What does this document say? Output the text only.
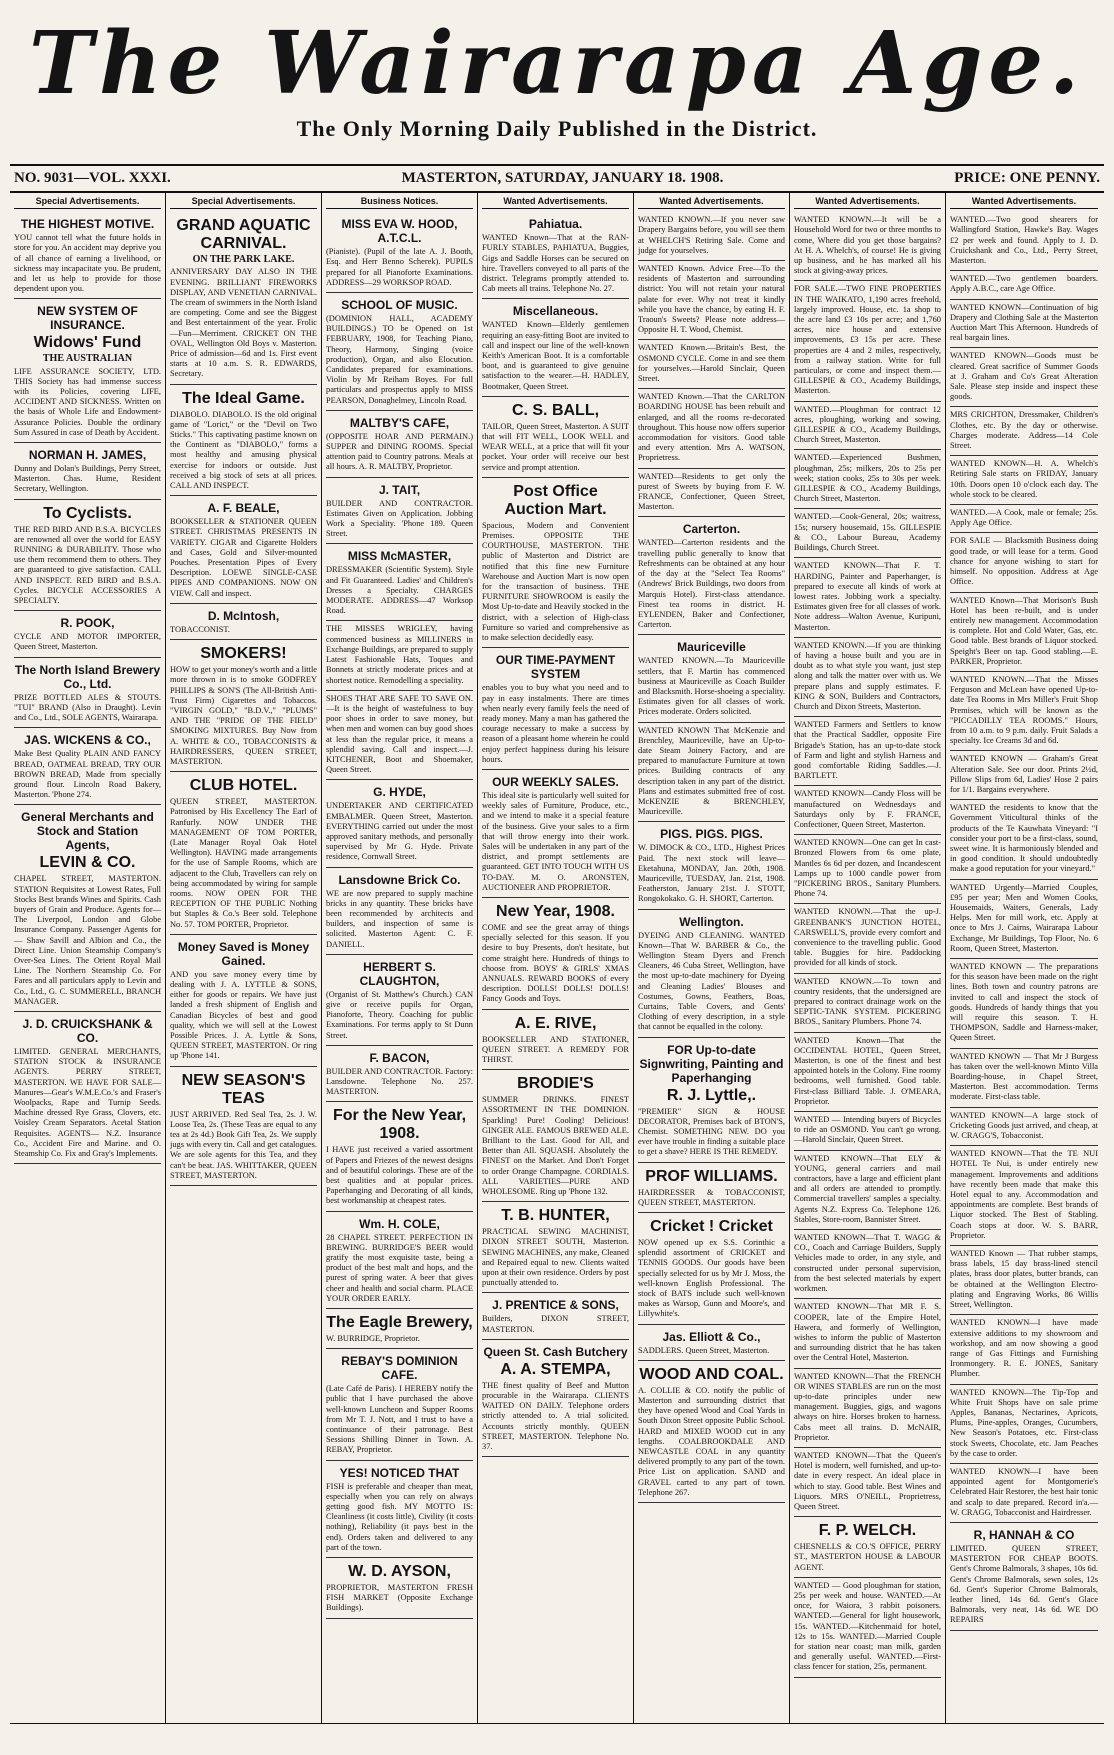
The Wairarapa Age.
The Only Morning Daily Published in the District.
NO. 9031—VOL. XXXI.	MASTERTON, SATURDAY, JANUARY 18. 1908.	PRICE: ONE PENNY.
Special Advertisements.
THE HIGHEST MOTIVE.

YOU cannot tell what the future holds in store for you. An accident may deprive you of all chance of earning a livelihood, or sickness may incapacitate you. Be prudent, and let us help to provide for those dependent upon you.

NEW SYSTEM OF INSURANCE.
Widows' Fund
THE AUSTRALIAN

LIFE ASSURANCE SOCIETY, LTD. THIS Society has had immense success with its Policies, covering LIFE, ACCIDENT AND SICKNESS. Written on the basis of Whole Life and Endowment-Assurance Policies. Double the ordinary Sum Assured in case of Death by Accident.

NORMAN H. JAMES,

Dunny and Dolan's Buildings, Perry Street, Masterton. Chas. Hume, Resident Secretary, Wellington.

To Cyclists.

THE RED BIRD AND B.S.A. BICYCLES are renowned all over the world for EASY RUNNING & DURABILITY. Those who use them recommend them to others. They are guaranteed to give satisfaction. CALL AND INSPECT. RED BIRD and B.S.A. Cycles. BICYCLE ACCESSORIES A SPECIALTY.

R. POOK,

CYCLE AND MOTOR IMPORTER, Queen Street, Masterton.

The North Island Brewery Co., Ltd.

PRIZE BOTTLED ALES & STOUTS. "TUI" BRAND (Also in Draught). Levin and Co., Ltd., SOLE AGENTS, Wairarapa.

JAS. WICKENS & CO.,

Make Best Quality PLAIN AND FANCY BREAD, OATMEAL BREAD, TRY OUR BROWN BREAD, Made from specially ground flour. Lincoln Road Bakery, Masterton. 'Phone 274.

General Merchants and Stock and Station Agents,
LEVIN & CO.

CHAPEL STREET, MASTERTON. STATION Requisites at Lowest Rates, Full Stocks Best brands Wines and Spirits. Cash buyers of Grain and Produce. Agents for— The Liverpool, London and Globe Insurance Company. Passenger Agents for— Shaw Savill and Albion and Co., the Direct Line. Union Steamship Company's Over-Sea Lines. The Orient Royal Mail Line. The Northern Steamship Co. For Fares and all particulars apply to Levin and Co., Ltd., G. C. SUMMERELL, BRANCH MANAGER.

J. D. CRUICKSHANK & CO.

LIMITED. GENERAL MERCHANTS, STATION STOCK & INSURANCE AGENTS. PERRY STREET, MASTERTON. WE HAVE FOR SALE— Manures—Gear's W.M.E.Co.'s and Fraser's Woolpacks, Rape and Turnip Seeds. Machine dressed Rye Grass, Clovers, etc. Voisley Cream Separators. Acetal Station Requisites. AGENTS— N.Z. Insurance Co., Accident Fire and Marine. and O. Steamship Co. Fix and Gray's Implements.

Special Advertisements.
GRAND AQUATIC CARNIVAL.
ON THE PARK LAKE.

ANNIVERSARY DAY ALSO IN THE EVENING. BRILLIANT FIREWORKS DISPLAY, AND VENETIAN CARNIVAL. The cream of swimmers in the North Island are competing. Come and see the Biggest and Best entertainment of the year. Frolic—Fun—Merriment. CRICKET ON THE OVAL, Wellington Old Boys v. Masterton. Price of admission—6d and 1s. First event starts at 10 a.m. S. R. EDWARDS, Secretary.

The Ideal Game.

DIABOLO. DIABOLO. IS the old original game of "Lorict," or the "Devil on Two Sticks." This captivating pastime known on the Continent as "DIABOLO," forms a most healthy and amusing physical exercise for indoors or outside. Just received a big stock of sets at all prices. CALL AND INSPECT.

A. F. BEALE,

BOOKSELLER & STATIONER QUEEN STREET. CHRISTMAS PRESENTS IN VARIETY. CIGAR and Cigarette Holders and Cases, Gold and Silver-mounted Pouches. Presentation Pipes of Every Description. LOEWE SINGLE-CASE PIPES AND COMPANIONS. NOW ON VIEW. Call and inspect.

D. McIntosh,

TOBACCONIST.

SMOKERS!

HOW to get your money's worth and a little more thrown in is to smoke GODFREY PHILLIPS & SON'S (The All-British Anti-Trust Firm) Cigarettes and Tobaccos. "VIRGIN GOLD," "B.D.V.," "PLUMS" AND THE "PRIDE OF THE FIELD" SMOKING MIXTURES. Buy Now from A. WHITE & CO., TOBACCONISTS & HAIRDRESSERS, QUEEN STREET, MASTERTON.

CLUB HOTEL.

QUEEN STREET, MASTERTON. Patronised by His Excellency The Earl of Ranfurly. NOW UNDER THE MANAGEMENT OF TOM PORTER, (Late Manager Royal Oak Hotel Wellington). HAVING made arrangements for the use of Sample Rooms, which are adjacent to the Club, Travellers can rely on being accommodated by wiring for sample rooms. NOW OPEN FOR THE RECEPTION OF THE PUBLIC Nothing but Staples & Co.'s Beer sold. Telephone No. 57. TOM PORTER, Proprietor.

Money Saved is Money Gained.

AND you save money every time by dealing with J. A. LYTTLE & SONS, either for goods or repairs. We have just landed a fresh shipment of English and Canadian Bicycles of best and good quality, which we will sell at the Lowest Possible Prices. J. A. Lyttle & Sons, QUEEN STREET, MASTERTON. Or ring up 'Phone 141.

NEW SEASON'S TEAS

JUST ARRIVED. Red Seal Tea, 2s. J. W. Loose Tea, 2s. (These Teas are equal to any tea at 2s 4d.) Book Gift Tea, 2s. We supply jugs with every tin. Call and get catalogues. We are sole agents for this Tea, and they can't be beat. JAS. WHITTAKER, QUEEN STREET, MASTERTON.

Business Notices.
MISS EVA W. HOOD, A.T.C.L.

(Pianiste). (Pupil of the late A. J. Booth, Esq. and Herr Benno Scherek). PUPILS prepared for all Pianoforte Examinations. ADDRESS—29 WORKSOP ROAD.

SCHOOL OF MUSIC.

(DOMINION HALL, ACADEMY BUILDINGS.) TO be Opened on 1st FEBRUARY, 1908, for Teaching Piano, Theory, Harmony, Singing (voice production), Organ, and also Elocution. Candidates prepared for examinations. Violin by Mr Reiham Boyes. For full particulars and prospectus apply to MISS PEARSON, Donaghelmey, Lincoln Road.

MALTBY'S CAFE,

(OPPOSITE HOAR AND PERMAIN.) SUPPER and DINING ROOMS. Special attention paid to Country patrons. Meals at all hours. A. R. MALTBY, Proprietor.

J. TAIT,

BUILDER AND CONTRACTOR. Estimates Given on Application. Jobbing Work a Speciality. 'Phone 189. Queen Street.

MISS McMASTER,

DRESSMAKER (Scientific System). Style and Fit Guaranteed. Ladies' and Children's Dresses a Specialty. CHARGES MODERATE. ADDRESS—47 Worksop Road.

THE MISSES WRIGLEY, having commenced business as MILLINERS in Exchange Buildings, are prepared to supply Latest Fashionable Hats, Toques and Bonnets at strictly moderate prices and at shortest notice. Remodelling a speciality.

SHOES THAT ARE SAFE TO SAVE ON.—It is the height of wastefulness to buy poor shoes in order to save money, but when men and women can buy good shoes at less than the regular price, it means a splendid saving. Call and inspect.—J. KITCHENER, Boot and Shoemaker, Queen Street.

G. HYDE,

UNDERTAKER AND CERTIFICATED EMBALMER. Queen Street, Masterton. EVERYTHING carried out under the most approved sanitary methods, and personally supervised by Mr G. Hyde. Private residence, Cornwall Street.

Lansdowne Brick Co.

WE are now prepared to supply machine bricks in any quantity. These bricks have been recommended by architects and builders, and inspection of same is solicited. Masterton Agent: C. F. DANIELL.

HERBERT S. CLAUGHTON,

(Organist of St. Matthew's Church.) CAN give or receive pupils for Organ, Pianoforte, Theory. Coaching for public Examinations. For terms apply to St Dunn Street.

F. BACON,

BUILDER AND CONTRACTOR. Factory: Lansdowne. Telephone No. 257. MASTERTON.

For the New Year, 1908.

I HAVE just received a varied assortment of Papers and Friezes of the newest designs and of beautiful colorings. These are of the best qualities and at popular prices. Paperhanging and Decorating of all kinds, best workmanship at cheapest rates.

Wm. H. COLE,

28 CHAPEL STREET. PERFECTION IN BREWING. BURRIDGE'S BEER would gratify the most exquisite taste, being a product of the best malt and hops, and the purest of spring water. A beer that gives cheer and health and social charm. PLACE YOUR ORDER EARLY.

The Eagle Brewery,

W. BURRIDGE, Proprietor.

REBAY'S DOMINION CAFE.

(Late Café de Paris). I HEREBY notify the public that I have purchased the above well-known Luncheon and Supper Rooms from Mr T. J. Nott, and I trust to have a continuance of their patronage. Best Sessions Shilling Dinner in Town. A. REBAY, Proprietor.

YES! NOTICED THAT

FISH is preferable and cheaper than meat, especially when you can rely on always getting good fish. MY MOTTO IS: Cleanliness (it costs little), Civility (it costs nothing), Reliability (it pays best in the end). Orders taken and delivered to any part of the town.

W. D. AYSON,

PROPRIETOR, MASTERTON FRESH FISH MARKET (Opposite Exchange Buildings).

Wanted Advertisements.
Pahiatua.

WANTED Known—That at the RAN-FURLY STABLES, PAHIATUA, Buggies, Gigs and Saddle Horses can be secured on hire. Travellers conveyed to all parts of the district. Telegrams promptly attended to. Cab meets all trains. Telephone No. 27.

Miscellaneous.

WANTED Known—Elderly gentlemen requiring an easy-fitting Boot are invited to call and inspect our line of the well-known Keith's American Boot. It is a comfortable boot, and is guaranteed to give genuine satisfaction to the wearer.—H. HADLEY, Bootmaker, Queen Street.

C. S. BALL,

TAILOR, Queen Street, Masterton. A SUIT that will FIT WELL, LOOK WELL and WEAR WELL, at a price that will fit your pocket. Your order will receive our best service and prompt attention.

Post Office Auction Mart.

Spacious, Modern and Convenient Premises. OPPOSITE THE COURTHOUSE, MASTERTON. THE public of Masterton and District are notified that this fine new Furniture Warehouse and Auction Mart is now open for the transaction of business. THE FURNITURE SHOWROOM is easily the Most Up-to-date and Heavily stocked in the district, with a selection of High-class Furniture so varied and comprehensive as to make selection decidedly easy.

OUR TIME-PAYMENT SYSTEM

enables you to buy what you need and to pay in easy instalments. There are times when nearly every family feels the need of ready money. Many a man has gathered the courage necessary to make a success by reason of a pleasant home wherein he could enjoy perfect happiness during his leisure hours.

OUR WEEKLY SALES.

This ideal site is particularly well suited for weekly sales of Furniture, Produce, etc., and we intend to make it a special feature of the business. Give your sales to a firm that will throw energy into their work. Sales will be undertaken in any part of the district, and prompt settlements are guaranteed. GET INTO TOUCH WITH US TO-DAY. M. O. ARONSTEN, AUCTIONEER AND PROPRIETOR.

New Year, 1908.

COME and see the great array of things specially selected for this season. If you desire to buy Presents, don't hesitate, but come straight here. Hundreds of things to choose from. BOYS' & GIRLS' XMAS ANNUALS. REWARD BOOKS of every description. DOLLS! DOLLS! DOLLS! Fancy Goods and Toys.

A. E. RIVE,

BOOKSELLER AND STATIONER, QUEEN STREET. A REMEDY FOR THIRST.

BRODIE'S

SUMMER DRINKS. FINEST ASSORTMENT IN THE DOMINION. Sparkling! Pure! Cooling! Delicious! GINGER ALE. FAMOUS BREWED ALE. Brilliant to the Last. Good for All, and Better than All. SQUASH. Absolutely the FINEST on the Market. And Don't Forget to order Orange Champagne. CORDIALS. ALL VARIETIES—PURE AND WHOLESOME. Ring up 'Phone 132.

T. B. HUNTER,

PRACTICAL SEWING MACHINIST, DIXON STREET SOUTH, Masterton. SEWING MACHINES, any make, Cleaned and Repaired equal to new. Clients waited upon at their own residence. Orders by post punctually attended to.

J. PRENTICE & SONS,

Builders, DIXON STREET, MASTERTON.

Queen St. Cash Butchery
A. A. STEMPA,

THE finest quality of Beef and Mutton procurable in the Wairarapa. CLIENTS WAITED ON DAILY. Telephone orders strictly attended to. A trial solicited. Accounts strictly monthly. QUEEN STREET, MASTERTON. Telephone No. 37.

Wanted Advertisements.

WANTED KNOWN.—If you never saw Drapery Bargains before, you will see them at WHELCH'S Retiring Sale. Come and judge for yourselves.

WANTED Known. Advice Free—To the residents of Masterton and surrounding district: You will not retain your natural palate for ever. Why not treat it kindly while you have the chance, by eating H. F. Traoun's Sweets? Please note address—Opposite H. T. Wood, Chemist.

WANTED Known.—Britain's Best, the OSMOND CYCLE. Come in and see them for yourselves.—Harold Sinclair, Queen Street.

WANTED Known.—That the CARLTON BOARDING HOUSE has been rebuilt and enlarged, and all the rooms re-decorated throughout. This house now offers superior accommodation for visitors. Good table and every attention. Mrs A. WATSON, Proprietress.

WANTED—Residents to get only the purest of Sweets by buying from F. W. FRANCE, Confectioner, Queen Street, Masterton.

Carterton.

WANTED—Carterton residents and the travelling public generally to know that Refreshments can be obtained at any hour of the day at the "Select Tea Rooms" (Andrews' Brick Buildings, two doors from Marquis Hotel). First-class attendance. Finest tea rooms in district. H. EYLENDEN, Baker and Confectioner, Carterton.

Mauriceville

WANTED KNOWN.—To Mauriceville settlers, that F. Martin has commenced business at Mauriceville as Coach Builder and Blacksmith. Horse-shoeing a speciality. Estimates given for all classes of work. Prices moderate. Orders solicited.

WANTED KNOWN That McKenzie and Brenchley, Mauriceville, have an Up-to-date Steam Joinery Factory, and are prepared to manufacture Furniture at town prices. Building contracts of any description taken in any part of the district. Plans and estimates submitted free of cost. McKENZIE & BRENCHLEY, Mauriceville.

PIGS. PIGS. PIGS.

W. DIMOCK & CO., LTD., Highest Prices Paid. The next stock will leave— Eketahuna, MONDAY, Jan. 20th, 1908. Mauriceville, TUESDAY, Jan. 21st, 1908. Featherston, January 21st. J. STOTT, Rongokokako. G. H. SHORT, Carterton.

Wellington.

DYEING AND CLEANING. WANTED Known—That W. BARBER & Co., the Wellington Steam Dyers and French Cleaners, 46 Cuba Street, Wellington, have the most up-to-date machinery for Dyeing and Cleaning Ladies' Blouses and Costumes, Gowns, Feathers, Boas, Curtains, Table Covers, and Gents' Clothing of every description, in a style that cannot be equalled in the colony.

FOR Up-to-date Signwriting, Painting and Paperhanging
R. J. Lyttle,.

"PREMIER" SIGN & HOUSE DECORATOR, Premises back of BTON'S, Chemist. SOMETHING NEW. DO you ever have trouble in finding a suitable place to get a shave? HERE IS THE REMEDY.

PROF WILLIAMS.

HAIRDRESSER & TOBACCONIST, QUEEN STREET, MASTERTON.

Cricket ! Cricket

NOW opened up ex S.S. Corinthic a splendid assortment of CRICKET and TENNIS GOODS. Our goods have been specially selected for us by Mr J. Moss, the well-known English Professional. The stock of BATS include such well-known makes as Warsop, Gunn and Moore's, and Lillywhite's.

Jas. Elliott & Co.,

SADDLERS. Queen Street, Masterton.

WOOD AND COAL.

A. COLLIE & CO. notify the public of Masterton and surrounding district that they have opened Wood and Coal Yards in South Dixon Street opposite Public School. HARD and MIXED WOOD cut in any lengths. COALBROOKDALE AND NEWCASTLE COAL in any quantity delivered promptly to any part of the town. Price List on application. SAND and GRAVEL carted to any part of town. Telephone 267.

Wanted Advertisements.

WANTED KNOWN.—It will be a Household Word for two or three months to come, Where did you get those bargains? At H. A. Whelch's, of course! He is giving up business, and he has marked all his stock at giving-away prices.

FOR SALE.—TWO FINE PROPERTIES IN THE WAIKATO, 1,190 acres freehold, largely improved. House, etc. 1a shop to the acre land £3 10s per acre; and 1,760 acres, nice house and extensive improvements, £3 15s per acre. These properties are 4 and 2 miles, respectively, from a railway station. Write for full particulars, or come and inspect them.—GILLESPIE & CO., Academy Buildings, Masterton.

WANTED.—Ploughman for contract 12 acres, ploughing, working and sowing. GILLESPIE & CO., Academy Buildings, Church Street, Masterton.

WANTED.—Experienced Bushmen, ploughman, 25s; milkers, 20s to 25s per week; station cooks, 25s to 30s per week. GILLESPIE & CO., Academy Buildings, Church Street, Masterton.

WANTED.—Cook-General, 20s; waitress, 15s; nursery housemaid, 15s. GILLESPIE & CO., Labour Bureau, Academy Buildings, Church Street.

WANTED KNOWN—That F. T. HARDING, Painter and Paperhanger, is prepared to execute all kinds of work at lowest rates. Jobbing work a specialty. Estimates given free for all classes of work. Note address—Walton Avenue, Kuripuni, Masterton.

WANTED KNOWN.—If you are thinking of having a house built and you are in doubt as to what style you want, just step along and talk the matter over with us. We prepare plans and supply estimates. F. KING & SON, Builders and Contractors, Church and Dixon Streets, Masterton.

WANTED Farmers and Settlers to know that the Practical Saddler, opposite Fire Brigade's Station, has an up-to-date stock of Farm and light and stylish Harness and good comfortable Riding Saddles.—J. BARTLETT.

WANTED KNOWN—Candy Floss will be manufactured on Wednesdays and Saturdays only by F. FRANCE, Confectioner, Queen Street, Masterton.

WANTED KNOWN—One can get In cast-Bronzed Flowers from 6s ome plate, Mantles 6s 6d per dozen, and Incandescent Lamps up to 1000 candle power from "PICKERING BROS., Sanitary Plumbers. Phone 74.

WANTED KNOWN.—That the up-J. GREENBANK'S JUNCTION HOTEL, CARSWELL'S, provide every comfort and convenience to the travelling public. Good table. Buggies for hire. Paddocking provided for all kinds of stock.

WANTED KNOWN.—To town and country residents, that the undersigned are prepared to contract drainage work on the SEPTIC-TANK SYSTEM. PICKERING BROS., Sanitary Plumbers. Phone 74.

WANTED Known—That the OCCIDENTAL HOTEL, Queen Street, Masterton, is one of the finest and best appointed hotels in the Colony. Fine roomy bedrooms, well furnished. Good table. First-class Billiard Table. J. O'MEARA, Proprietor.

WANTED — Intending buyers of Bicycles to ride an OSMOND. You can't go wrong.—Harold Sinclair, Queen Street.

WANTED KNOWN—That ELY & YOUNG, general carriers and mail contractors, have a large and efficient plant and all orders are attended to promptly. Commercial travellers' samples a specialty. Agents N.Z. Express Co. Telephone 126. Stables, Store-room, Bannister Street.

WANTED KNOWN—That T. WAGG & CO., Coach and Carriage Builders, Supply Vehicles made to order, in any style, and constructed under personal supervision, from the best selected materials by expert workmen.

WANTED KNOWN—That MR F. S. COOPER, late of the Empire Hotel, Hawera, and formerly of Wellington, wishes to inform the public of Masterton and surrounding district that he has taken over the Central Hotel, Masterton.

WANTED KNOWN—That the FRENCH OR WINES STABLES are run on the most up-to-date principles under new management. Buggies, gigs, and wagons always on hire. Horses broken to harness. Cabs meet all trains. D. McNAIR, Proprietor.

WANTED KNOWN—That the Queen's Hotel is modern, well furnished, and up-to-date in every respect. An ideal place in which to stay. Good table. Best Wines and Liquors. MRS O'NEILL, Proprietress, Queen Street.

F. P. WELCH.

CHESNELLS & CO.'S OFFICE, PERRY ST., MASTERTON HOUSE & LABOUR AGENT.

WANTED — Good ploughman for station, 25s per week and house. WANTED.—At once, for Waiora, 3 rabbit poisoners. WANTED.—General for light housework, 15s. WANTED.—Kitchenmaid for hotel, 12s to 15s. WANTED.—Married Couple for station near coast; man milk, garden and generally useful. WANTED.—First-class fencer for station, 25s, permanent.

Wanted Advertisements.

WANTED.—Two good shearers for Wallingford Station, Hawke's Bay. Wages £2 per week and found. Apply to J. D. Cruickshank and Co., Ltd., Perry Street, Masterton.

WANTED.—Two gentlemen boarders. Apply A.B.C., care Age Office.

WANTED KNOWN—Continuation of big Drapery and Clothing Sale at the Masterton Auction Mart This Afternoon. Hundreds of real bargain lines.

WANTED KNOWN—Goods must be cleared. Great sacrifice of Summer Goods at J. Graham and Co's Great Alteration Sale. Please step inside and inspect these goods.

MRS CRICHTON, Dressmaker, Children's Clothes, etc. By the day or otherwise. Charges moderate. Address—14 Cole Street.

WANTED KNOWN—H. A. Whelch's Retiring Sale starts on FRIDAY, January 10th. Doors open 10 o'clock each day. The whole stock to be cleared.

WANTED.—A Cook, male or female; 25s. Apply Age Office.

FOR SALE — Blacksmith Business doing good trade, or will lease for a term. Good chance for anyone wishing to start for himself. No opposition. Address at Age Office.

WANTED Known—That Morison's Bush Hotel has been re-built, and is under entirely new management. Accommodation is complete. Hot and Cold Water, Gas, etc. Good table. Best brands of Liquor stocked. Speight's Beer on tap. Good stabling.—E. PARKER, Proprietor.

WANTED KNOWN.—That the Misses Ferguson and McLean have opened Up-to-date Tea Rooms in Mrs Miller's Fruit Shop Premises, which will be known as the "PICCADILLY TEA ROOMS." Hours, from 10 a.m. to 9 p.m. daily. Fruit Salads a specialty. Ice Creams 3d and 6d.

WANTED KNOWN — Graham's Great Alteration Sale. See our door. Prints 2½d, Pillow Slips from 6d, Ladies' Hose 2 pairs for 1/1. Bargains everywhere.

WANTED the residents to know that the Government Viticultural thinks of the products of the Te Kauwhata Vineyard: "I consider your port to be a first-class, sound, sweet wine. It is harmoniously blended and in good condition. It should undoubtedly make a good reputation for your vineyard."

WANTED Urgently—Married Couples, £95 per year; Men and Women Cooks, Housemaids, Waiters, Generals, Lady Helps. Men for mill work, etc. Apply at once to Mrs J. Cairns, Wairarapa Labour Exchange, Mr Buildings, Top Floor, No. 6 Room, Queen Street, Masterton.

WANTED KNOWN — The preparations for this season have been made on the right lines. Both town and country patrons are invited to call and inspect the stock of goods. Hundreds of handy things that you will require this season. T. H. THOMPSON, Saddle and Harness-maker, Queen Street.

WANTED KNOWN — That Mr J Burgess has taken over the well-known Minto Villa Boarding-house, in Chapel Street, Masterton. Best accommodation. Terms moderate. First-class table.

WANTED KNOWN—A large stock of Cricketing Goods just arrived, and cheap, at W. CRAGG'S, Tobacconist.

WANTED KNOWN—That the TE NUI HOTEL Te Nui, is under entirely new management. Improvements and additions have recently been made that make this Hotel equal to any. Accommodation and appointments are complete. Best brands of Liquor stocked. The Best of Stabling. Coach stops at door. W. S. BARR, Proprietor.

WANTED Known — That rubber stamps, brass labels, 15 day brass-lined stencil plates, brass door plates, butter brands, can be obtained at the Wellington Electro-plating and Engraving Works, 86 Willis Street, Wellington.

WANTED KNOWN—I have made extensive additions to my showroom and workshop, and am now showing a good range of Gas Fittings and Furnishing Ironmongery. R. E. JONES, Sanitary Plumber.

WANTED KNOWN—The Tip-Top and White Fruit Shops have on sale prime Apples, Bananas, Nectarines, Apricots, Plums, Pine-apples, Oranges, Cucumbers, New Season's Potatoes, etc. First-class stock Sweets, Chocolate, etc. Jam Peaches by the case to order.

WANTED KNOWN—I have been appointed agent for Montgomerie's Celebrated Hair Restorer, the best hair tonic and scalp to date prepared. Record in'a.—W. CRAGG, Tobacconist and Hairdresser.

R, HANNAH & CO

LIMITED. QUEEN STREET, MASTERTON FOR CHEAP BOOTS. Gent's Chrome Balmorals, 3 shapes, 10s 6d. Gent's Chrome Balmorals, sewn soles, 12s 6d. Gent's Superior Chrome Balmorals, leather lined, 14s 6d. Gent's Glace Balmorals, very neat, 14s 6d. WE DO REPAIRS
